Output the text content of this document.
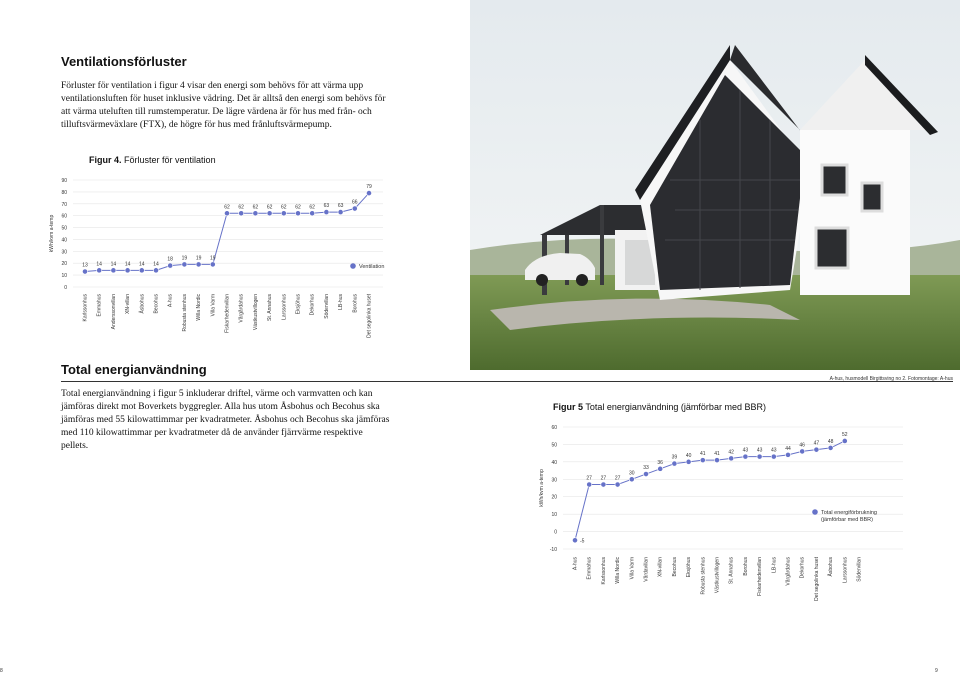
Ventilationsförluster

Förluster för ventilation i figur 4 visar den energi som behövs för att värma upp ventilationsluften för huset inklusive vädring. Det är alltså den energi som behövs för att värma uteluften till rumstemperatur. De lägre värdena är för hus med från- och tilluftsvärmeväxlare (FTX), de högre för hus med frånluftsvärmepump.

Figur 4. Förluster för ventilation

0
10
20
30
40
50
60
70
80
90
kWh/kvm a-temp
Karlssonhus Emmahus Anderssonvillan XN-villan Åsbohus Becohus A-hus Robusta stenhus Willa Nordic Villa Varm Fiskarhedenvillan Vårgårdahus Västkustvillogen St. Annahus Larssonhus Eksjöhus Dekorhus Södervillan LB-hus Borohus Det segolinka huset
13 14 14 14 14 14
18 19 19 19
62 62 62 62 62 62 62 63 63
66
79
Ventilation
Total energianvändning
A-hus, husmodell Birgittsving no 2. Fotomontage: A-hus

Total energianvändning i figur 5 inkluderar driftel, värme och varmvatten och kan jämföras direkt mot Boverkets byggregler. Alla hus utom Åsbohus och Becohus ska jämföras med 55 kilowattimmar per kvadratmeter. Åsbohus och Becohus ska jämföras med 110 kilowattimmar per kvadratmeter då de använder fjärrvärme respektive pellets.

Figur 5 Total energianvändning (jämförbar med BBR)

-10
0
10
20
30
40
50
60
kWh/kvm a-temp
A-hus Emmahus Karlssonhus Willa Nordic Villa Varm Vårdavillan XN-villan Becohus Eksjöhus Robusta stenhus Västkustvillogen St. Annahus Borohus Fiskarhedenvillan LB-hus Vårgårdahus Dekorhus Det segolinka huset Åsbohus Larssonhus Södervillan
-5
27 27 27
30
33
36
39 40 41 41 42 43 43 43 44
46 47 48
52
Total energiförbrukning
(jämförbar med BBR)
8	9
